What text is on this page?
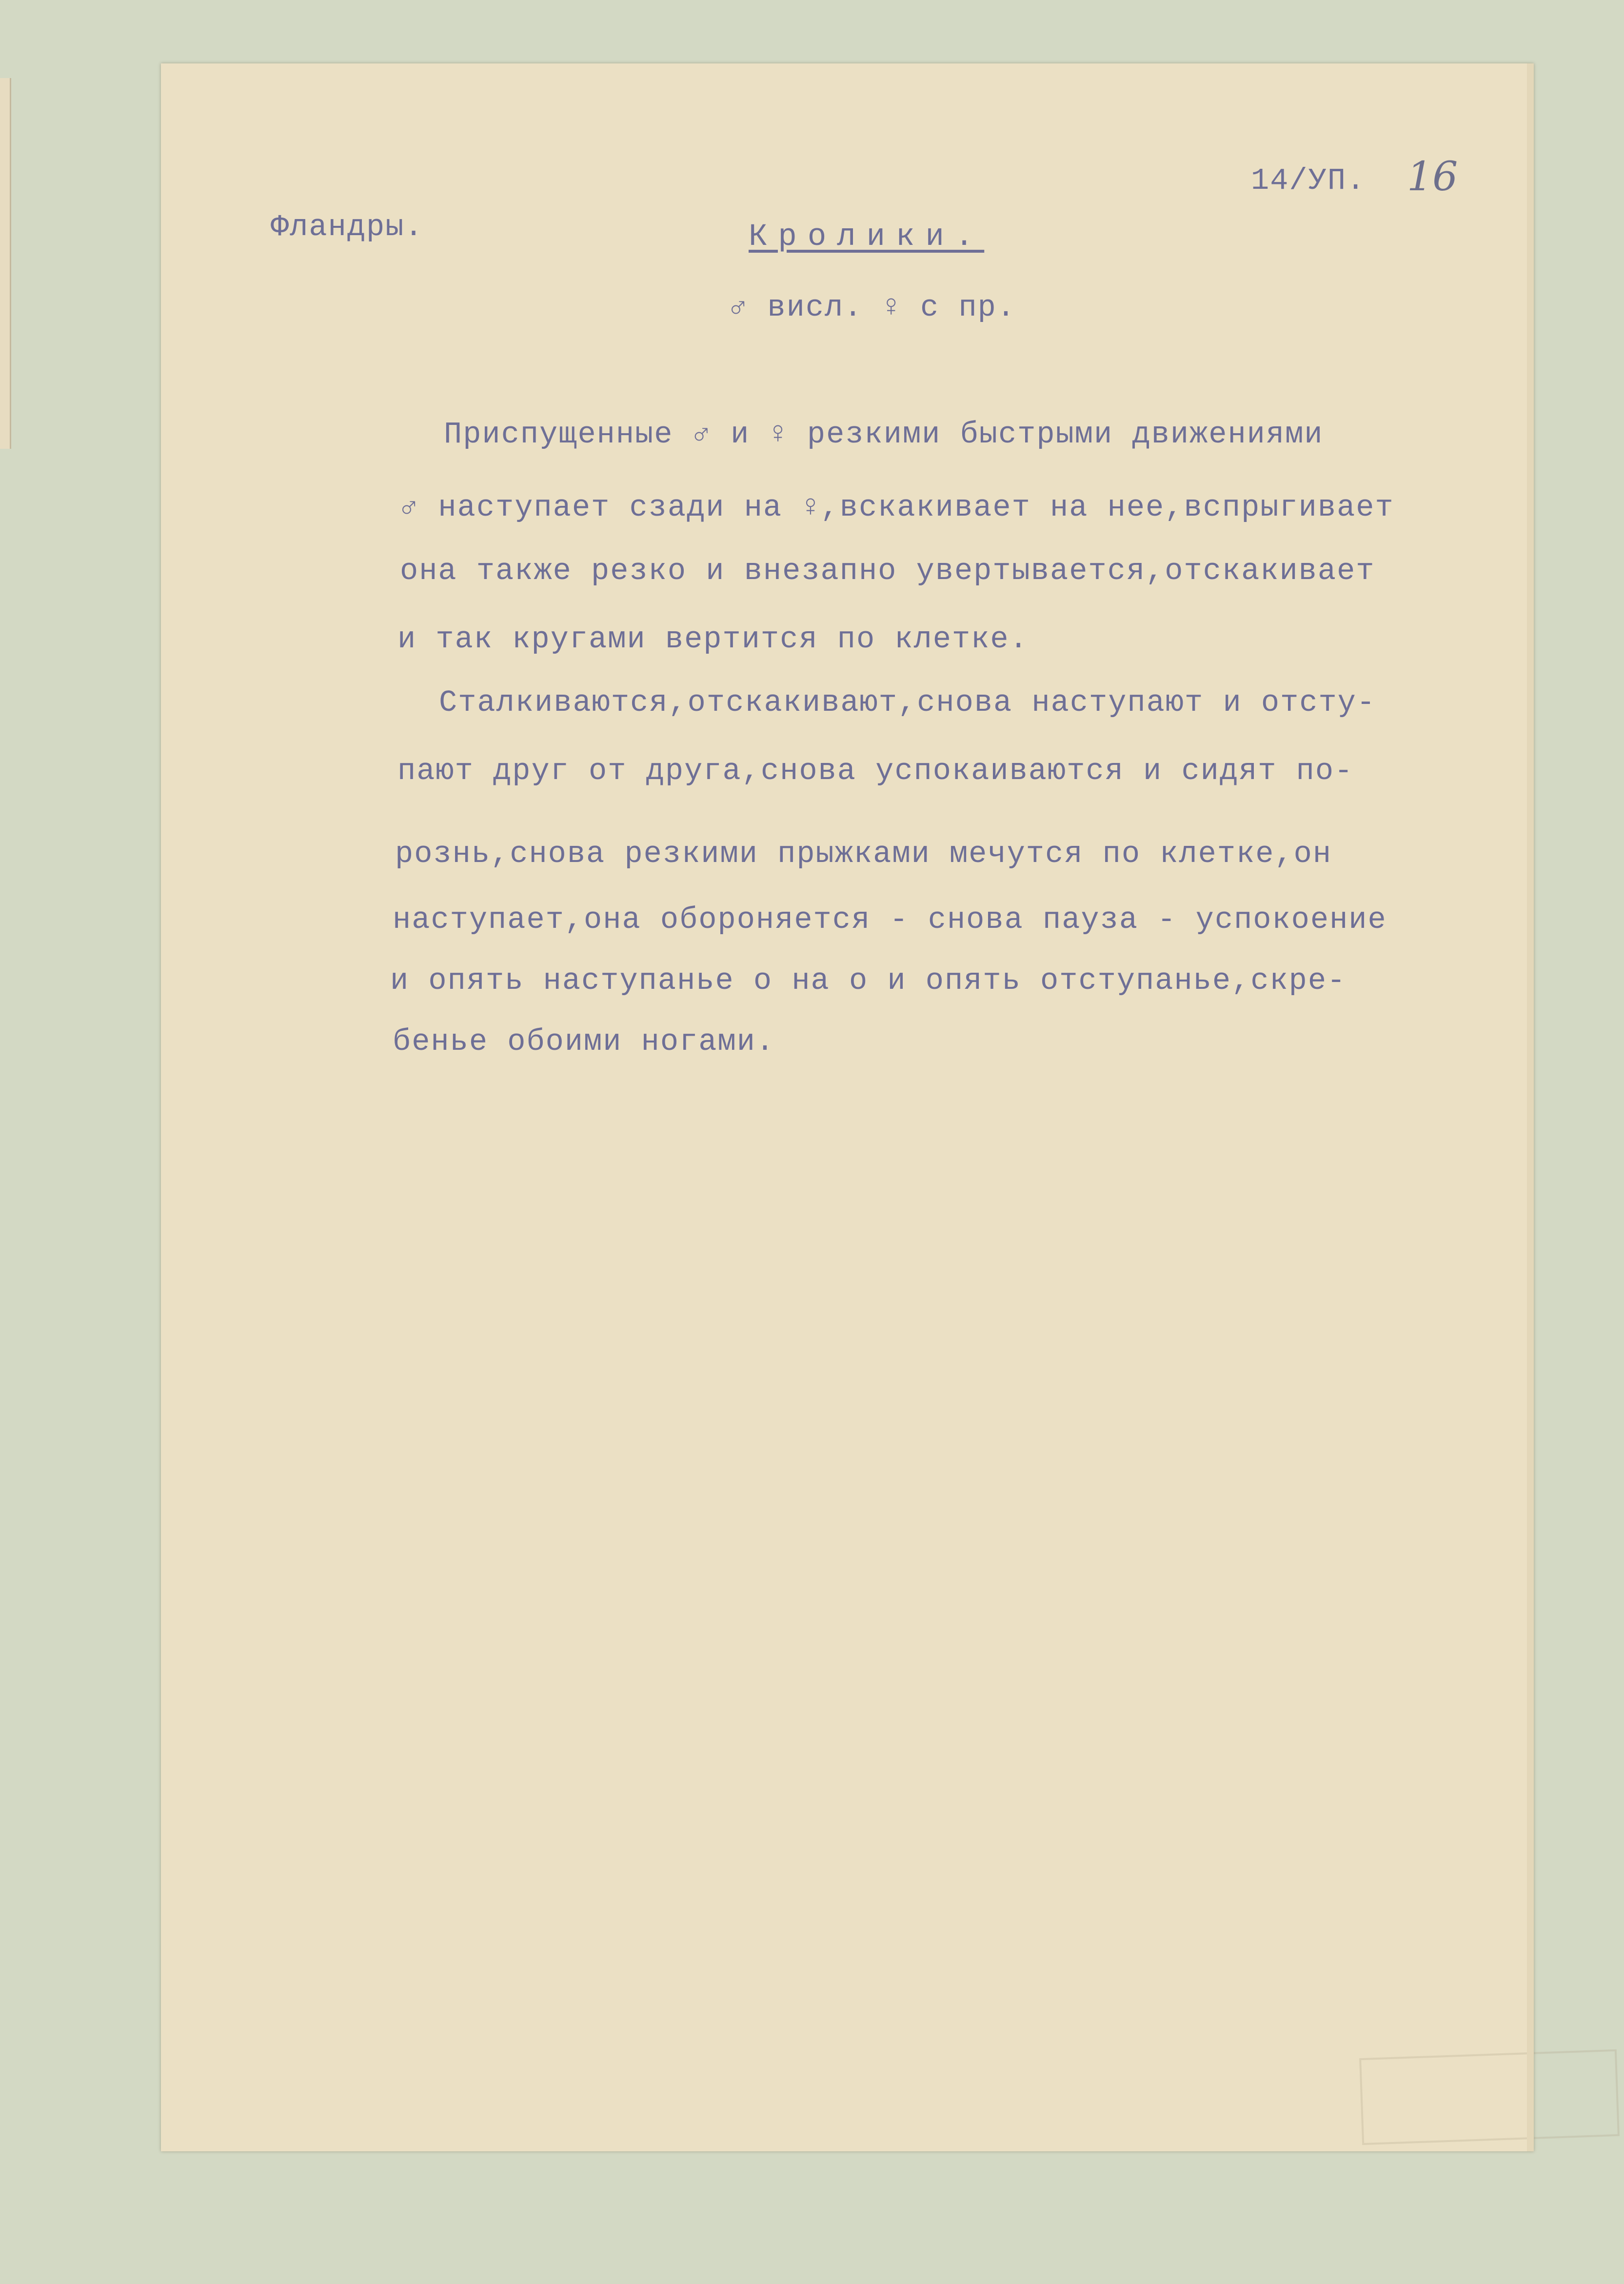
14/УП. 16
Фландры.	Кролики.
♂ висл. ♀ с пр.
Приспущенные ♂ и ♀ резкими быстрыми движениями
♂ наступает сзади на ♀,вскакивает на нее,вспрыгивает
она также резко и внезапно увертывается,отскакивает
и так кругами вертится по клетке.
Сталкиваются,отскакивают,снова наступают и отсту-
пают друг от друга,снова успокаиваются и сидят по-
рознь,снова резкими прыжками мечутся по клетке,он
наступает,она обороняется - снова пауза - успокоение
и опять наступанье о на о и опять отступанье,скре-
бенье обоими ногами.
